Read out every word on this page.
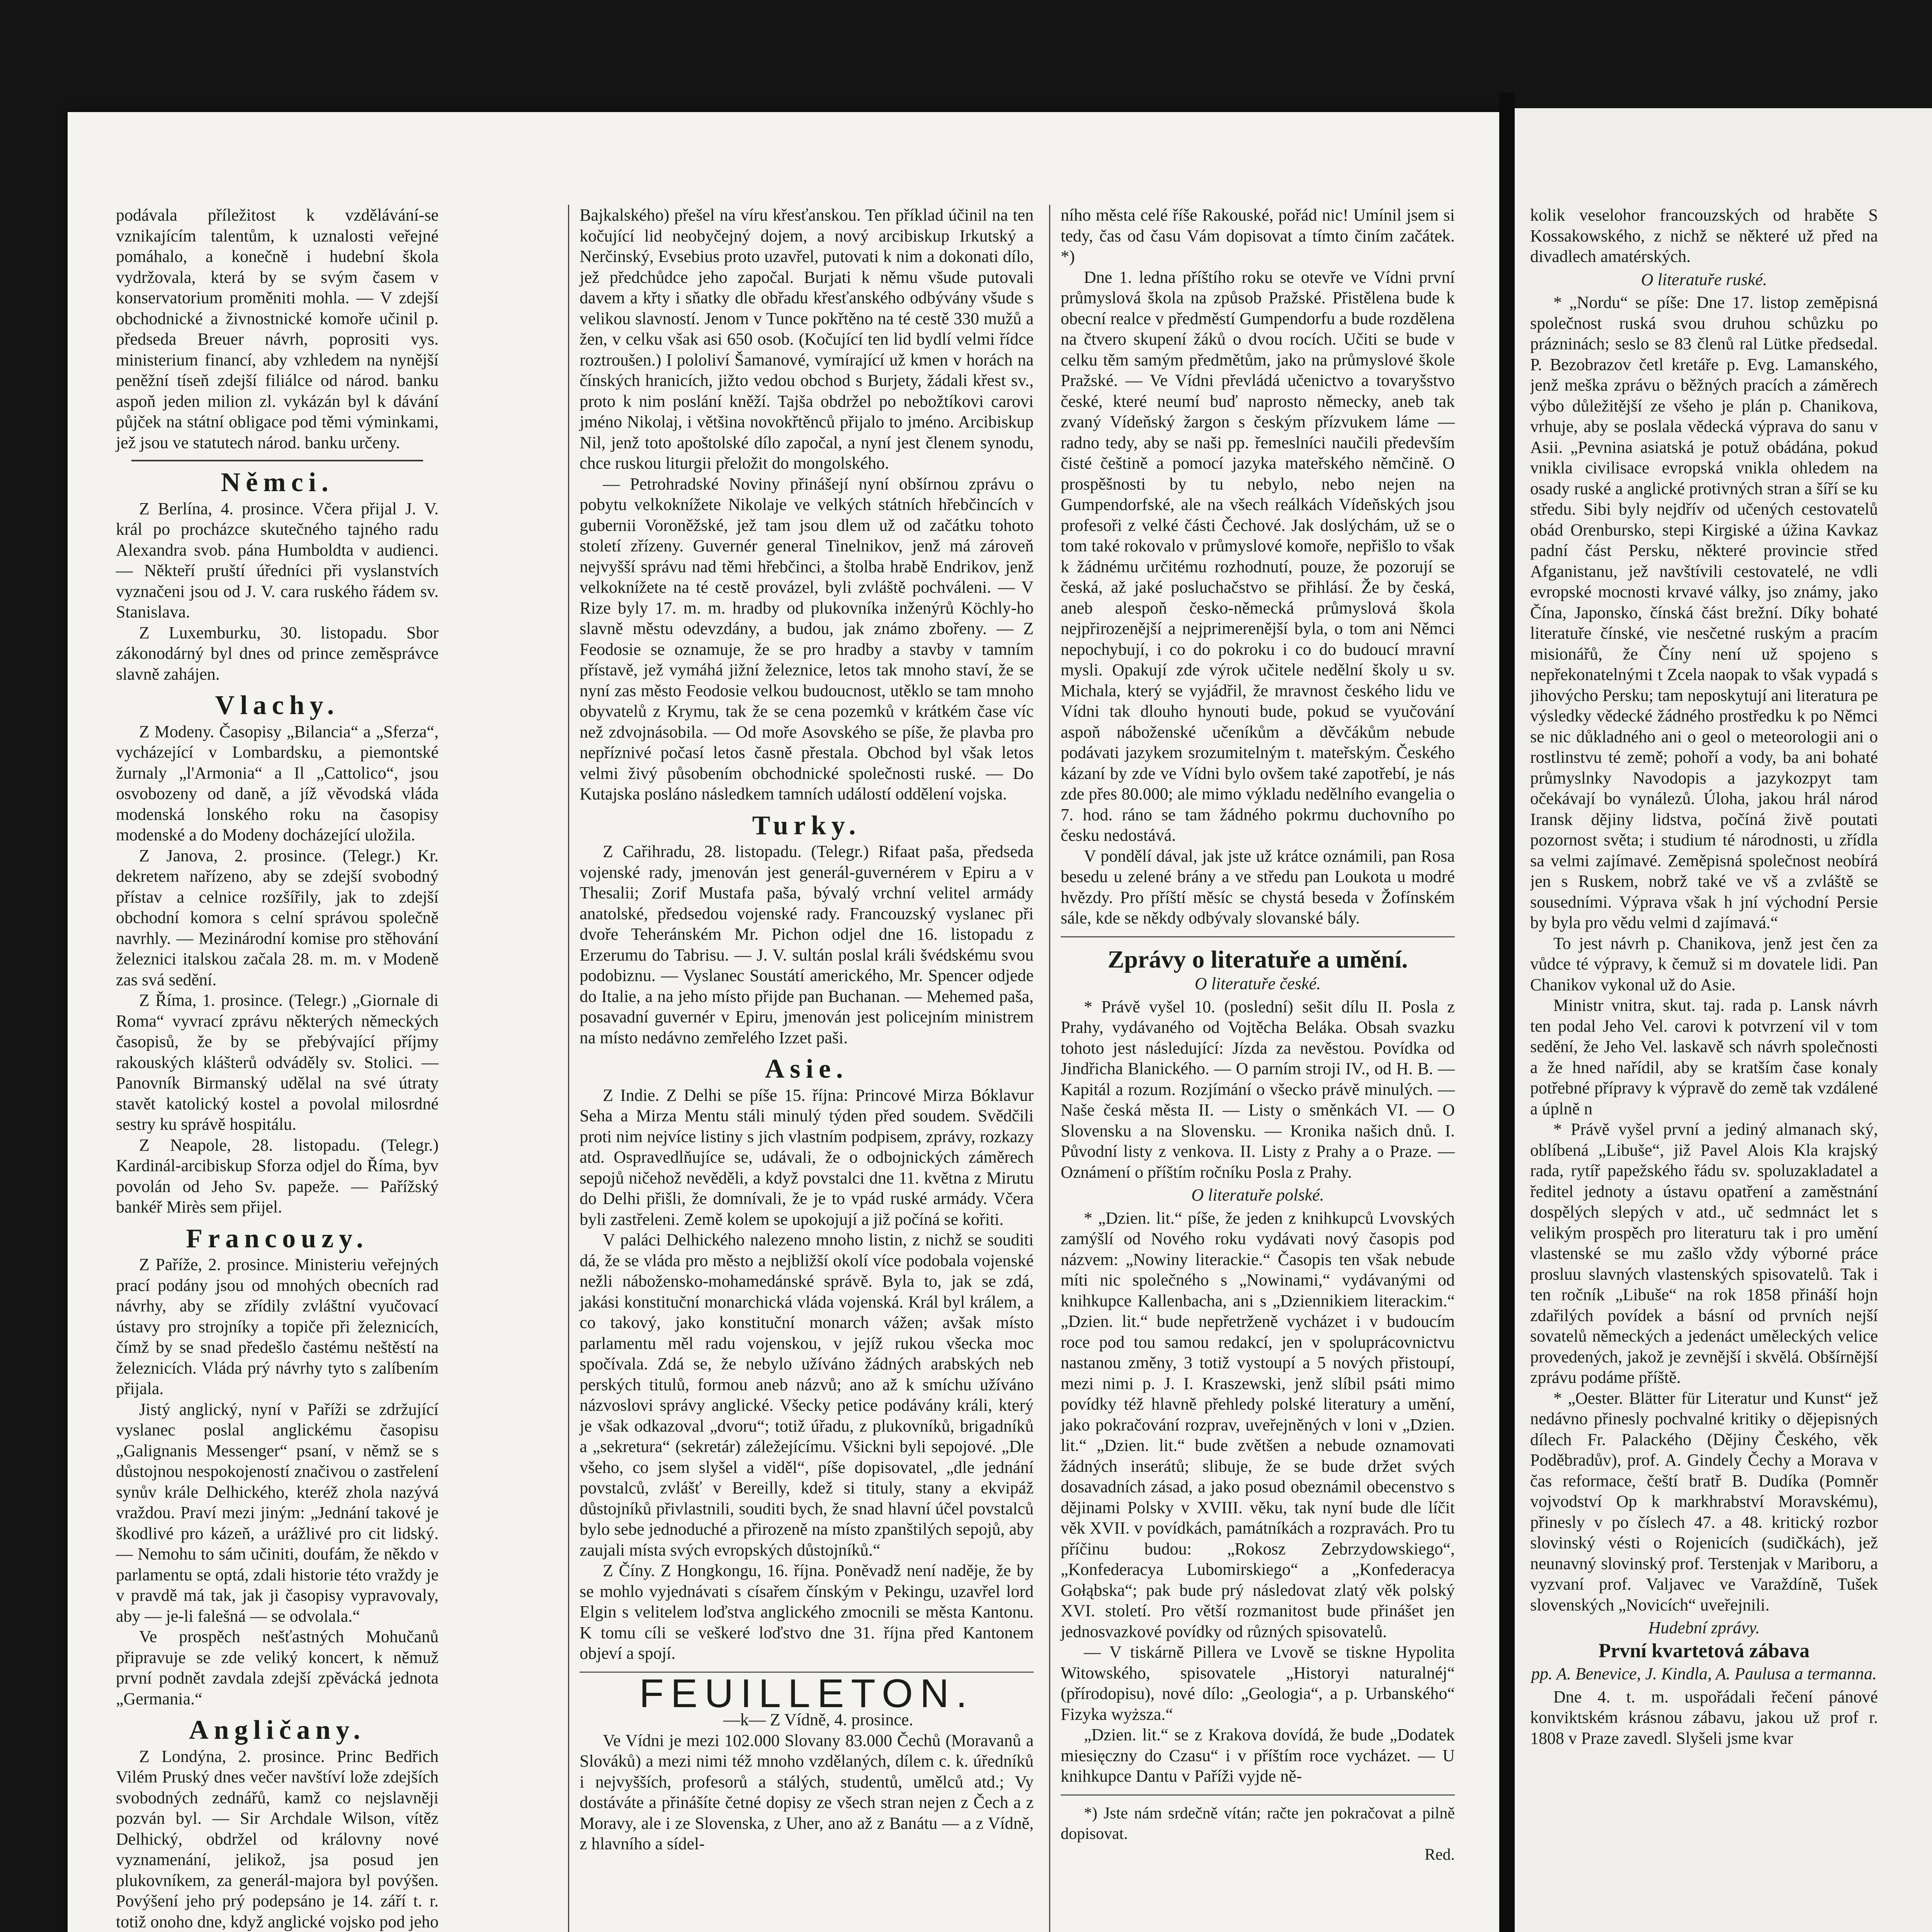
podávala příležitost k vzdělávání-se vznikajícím talentům, k uznalosti veřejné pomáhalo, a konečně i hudební škola vydržovala, která by se svým časem v konservatorium proměniti mohla. — V zdejší obchodnické a živnostnické komoře učinil p. předseda Breuer návrh, poprositi vys. ministerium financí, aby vzhledem na nynější peněžní tíseň zdejší filiálce od národ. banku aspoň jeden milion zl. vykázán byl k dávání půjček na státní obligace pod těmi výminkami, jež jsou ve statutech národ. banku určeny.

Němci.

Z Berlína, 4. prosince. Včera přijal J. V. král po procházce skutečného tajného radu Alexandra svob. pána Humboldta v audienci. — Někteří pruští úředníci při vyslanstvích vyznačeni jsou od J. V. cara ruského řádem sv. Stanislava.

Z Luxemburku, 30. listopadu. Sbor zákonodárný byl dnes od prince zeměsprávce slavně zahájen.

Vlachy.

Z Modeny. Časopisy „Bilancia“ a „Sferza“, vycházející v Lombardsku, a piemontské žurnaly „l'Armonia“ a Il „Cattolico“, jsou osvobozeny od daně, a jíž věvodská vláda modenská lonského roku na časopisy modenské a do Modeny docházející uložila.

Z Janova, 2. prosince. (Telegr.) Kr. dekretem nařízeno, aby se zdejší svobodný přístav a celnice rozšířily, jak to zdejší obchodní komora s celní správou společně navrhly. — Mezinárodní komise pro stěhování železnici italskou začala 28. m. m. v Modeně zas svá sedění.

Z Říma, 1. prosince. (Telegr.) „Giornale di Roma“ vyvrací zprávu některých německých časopisů, že by se přebývající příjmy rakouských klášterů odváděly sv. Stolici. — Panovník Birmanský udělal na své útraty stavět katolický kostel a povolal milosrdné sestry ku správě hospitálu.

Z Neapole, 28. listopadu. (Telegr.) Kardinál-arcibiskup Sforza odjel do Říma, byv povolán od Jeho Sv. papeže. — Pařížský bankéř Mirès sem přijel.

Francouzy.

Z Paříže, 2. prosince. Ministeriu veřejných prací podány jsou od mnohých obecních rad návrhy, aby se zřídily zvláštní vyučovací ústavy pro strojníky a topiče při železnicích, čímž by se snad předešlo častému neštěstí na železnicích. Vláda prý návrhy tyto s zalíbením přijala.

Jistý anglický, nyní v Paříži se zdržující vyslanec poslal anglickému časopisu „Galignanis Messenger“ psaní, v němž se s důstojnou nespokojeností značivou o zastřelení synův krále Delhického, kteréž zhola nazývá vraždou. Praví mezi jiným: „Jednání takové je škodlivé pro kázeň, a urážlivé pro cit lidský. — Nemohu to sám učiniti, doufám, že někdo v parlamentu se optá, zdali historie této vraždy je v pravdě má tak, jak ji časopisy vypravovaly, aby — je-li falešná — se odvolala.“

Ve prospěch nešťastných Mohučanů připravuje se zde veliký koncert, k němuž první podnět zavdala zdejší zpěvácká jednota „Germania.“

Angličany.

Z Londýna, 2. prosince. Princ Bedřich Vilém Pruský dnes večer navštíví lože zdejších svobodných zednářů, kamž co nejslavněji pozván byl. — Sir Archdale Wilson, vítěz Delhický, obdržel od královny nové vyznamenání, jelikož, jsa posud jen plukovníkem, za generál-majora byl povýšen. Povýšení jeho prý podepsáno je 14. září t. r. totiž onoho dne, když anglické vojsko pod jeho

Bajkalského) přešel na víru křesťanskou. Ten příklad účinil na ten kočující lid neobyčejný dojem, a nový arcibiskup Irkutský a Nerčinský, Evsebius proto uzavřel, putovati k nim a dokonati dílo, jež předchůdce jeho započal. Burjati k němu všude putovali davem a křty i sňatky dle obřadu křesťanského odbývány všude s velikou slavností. Jenom v Tunce pokřtěno na té cestě 330 mužů a žen, v celku však asi 650 osob. (Kočující ten lid bydlí velmi řídce roztroušen.) I pololiví Šamanové, vymírající už kmen v horách na čínských hranicích, jižto vedou obchod s Burjety, žádali křest sv., proto k nim poslání kněží. Tajša obdržel po nebožtíkovi carovi jméno Nikolaj, i většina novokřtěnců přijalo to jméno. Arcibiskup Nil, jenž toto apoštolské dílo započal, a nyní jest členem synodu, chce ruskou liturgii přeložit do mongolského.

— Petrohradské Noviny přinášejí nyní obšírnou zprávu o pobytu velkoknížete Nikolaje ve velkých státních hřebčincích v gubernii Voroněžské, jež tam jsou dlem už od začátku tohoto století zřízeny. Guvernér general Tinelnikov, jenž má zároveň nejvyšší správu nad těmi hřebčinci, a štolba hrabě Endrikov, jenž velkoknížete na té cestě provázel, byli zvláště pochváleni. — V Rize byly 17. m. m. hradby od plukovníka inženýrů Köchly-ho slavně městu odevzdány, a budou, jak známo zbořeny. — Z Feodosie se oznamuje, že se pro hradby a stavby v tamním přístavě, jež vymáhá jižní železnice, letos tak mnoho staví, že se nyní zas město Feodosie velkou budoucnost, utěklo se tam mnoho obyvatelů z Krymu, tak že se cena pozemků v krátkém čase víc než zdvojnásobila. — Od moře Asovského se píše, že plavba pro nepříznivé počasí letos časně přestala. Obchod byl však letos velmi živý působením obchodnické společnosti ruské. — Do Kutajska posláno následkem tamních událostí oddělení vojska.

Turky.

Z Cařihradu, 28. listopadu. (Telegr.) Rifaat paša, předseda vojenské rady, jmenován jest generál-guvernérem v Epiru a v Thesalii; Zorif Mustafa paša, bývalý vrchní velitel armády anatolské, předsedou vojenské rady. Francouzský vyslanec při dvoře Teheránském Mr. Pichon odjel dne 16. listopadu z Erzerumu do Tabrisu. — J. V. sultán poslal králi švédskému svou podobiznu. — Vyslanec Soustátí amerického, Mr. Spencer odjede do Italie, a na jeho místo přijde pan Buchanan. — Mehemed paša, posavadní guvernér v Epiru, jmenován jest policejním ministrem na místo nedávno zemřelého Izzet paši.

Asie.

Z Indie. Z Delhi se píše 15. října: Princové Mirza Bóklavur Seha a Mirza Mentu stáli minulý týden před soudem. Svědčili proti nim nejvíce listiny s jich vlastním podpisem, zprávy, rozkazy atd. Ospravedlňujíce se, udávali, že o odbojnických záměrech sepojů ničehož nevěděli, a když povstalci dne 11. května z Mirutu do Delhi přišli, že domnívali, že je to vpád ruské armády. Včera byli zastřeleni. Země kolem se upokojují a již počíná se kořiti.

V paláci Delhického nalezeno mnoho listin, z nichž se souditi dá, že se vláda pro město a nejbližší okolí více podobala vojenské nežli nábožensko-mohamedánské správě. Byla to, jak se zdá, jakási konstituční monarchická vláda vojenská. Král byl králem, a co takový, jako konstituční monarch vážen; avšak místo parlamentu měl radu vojenskou, v jejíž rukou všecka moc spočívala. Zdá se, že nebylo užíváno žádných arabských neb perských titulů, formou aneb názvů; ano až k smíchu užíváno názvoslovi správy anglické. Všecky petice podávány králi, který je však odkazoval „dvoru“; totiž úřadu, z plukovníků, brigadníků a „sekretura“ (sekretár) záležejícímu. Všickni byli sepojové. „Dle všeho, co jsem slyšel a viděl“, píše dopisovatel, „dle jednání povstalců, zvlášť v Bereilly, kdež si tituly, stany a ekvipáž důstojníků přivlastnili, souditi bych, že snad hlavní účel povstalců bylo sebe jednoduché a přirozeně na místo zpanštilých sepojů, aby zaujali místa svých evropských důstojníků.“

Z Číny. Z Hongkongu, 16. října. Poněvadž není naděje, že by se mohlo vyjednávati s císařem čínským v Pekingu, uzavřel lord Elgin s velitelem loďstva anglického zmocnili se města Kantonu. K tomu cíli se veškeré loďstvo dne 31. října před Kantonem objeví a spojí.

FEUILLETON.

—k— Z Vídně, 4. prosince.

Ve Vídni je mezi 102.000 Slovany 83.000 Čechů (Moravanů a Slováků) a mezi nimi též mnoho vzdělaných, dílem c. k. úředníků i nejvyšších, profesorů a stálých, studentů, umělců atd.; Vy dostáváte a přinášíte četné dopisy ze všech stran nejen z Čech a z Moravy, ale i ze Slovenska, z Uher, ano až z Banátu — a z Vídně, z hlavního a sídel-

ního města celé říše Rakouské, pořád nic! Umínil jsem si tedy, čas od času Vám dopisovat a tímto činím začátek. *)

Dne 1. ledna příštího roku se otevře ve Vídni první průmyslová škola na způsob Pražské. Přistělena bude k obecní realce v předměstí Gumpendorfu a bude rozdělena na čtvero skupení žáků o dvou rocích. Učiti se bude v celku těm samým předmětům, jako na průmyslové škole Pražské. — Ve Vídni převládá učenictvo a tovaryšstvo české, které neumí buď naprosto německy, aneb tak zvaný Vídeňský žargon s českým přízvukem láme — radno tedy, aby se naši pp. řemeslníci naučili především čisté češtině a pomocí jazyka mateřského němčině. O prospěšnosti by tu nebylo, nebo nejen na Gumpendorfské, ale na všech reálkách Vídeňských jsou profesoři z velké části Čechové. Jak doslýchám, už se o tom také rokovalo v průmyslové komoře, nepřišlo to však k žádnému určitému rozhodnutí, pouze, že pozorují se česká, až jaké posluchačstvo se přihlásí. Že by česká, aneb alespoň česko-německá průmyslová škola nejpřirozenější a nejprimerenější byla, o tom ani Němci nepochybují, i co do pokroku i co do budoucí mravní mysli. Opakují zde výrok učitele nedělní školy u sv. Michala, který se vyjádřil, že mravnost českého lidu ve Vídni tak dlouho hynouti bude, pokud se vyučování aspoň náboženské učeníkům a děvčákům nebude podávati jazykem srozumitelným t. mateřským. Českého kázaní by zde ve Vídni bylo ovšem také zapotřebí, je nás zde přes 80.000; ale mimo výkladu nedělního evangelia o 7. hod. ráno se tam žádného pokrmu duchovního po česku nedostává.

V pondělí dával, jak jste už krátce oznámili, pan Rosa besedu u zelené brány a ve středu pan Loukota u modré hvězdy. Pro příští měsíc se chystá beseda v Žofínském sále, kde se někdy odbývaly slovanské bály.

Zprávy o literatuře a umění.
O literatuře české.

* Právě vyšel 10. (poslední) sešit dílu II. Posla z Prahy, vydávaného od Vojtěcha Beláka. Obsah svazku tohoto jest následující: Jízda za nevěstou. Povídka od Jindřicha Blanického. — O parním stroji IV., od H. B. — Kapitál a rozum. Rozjímání o všecko právě minulých. — Naše česká města II. — Listy o směnkách VI. — O Slovensku a na Slovensku. — Kronika našich dnů. I. Původní listy z venkova. II. Listy z Prahy a o Praze. — Oznámení o příštím ročníku Posla z Prahy.

O literatuře polské.

* „Dzien. lit.“ píše, že jeden z knihkupců Lvovských zamýšlí od Nového roku vydávati nový časopis pod názvem: „Nowiny literackie.“ Časopis ten však nebude míti nic společného s „Nowinami,“ vydávanými od knihkupce Kallenbacha, ani s „Dziennikiem literackim.“ „Dzien. lit.“ bude nepřetrženě vycházet i v budoucím roce pod tou samou redakcí, jen v spoluprácovnictvu nastanou změny, 3 totiž vystoupí a 5 nových přistoupí, mezi nimi p. J. I. Kraszewski, jenž slíbil psáti mimo povídky též hlavně přehledy polské literatury a umění, jako pokračování rozprav, uveřejněných v loni v „Dzien. lit.“ „Dzien. lit.“ bude zvětšen a nebude oznamovati žádných inserátů; slibuje, že se bude držet svých dosavadních zásad, a jako posud obeznámil obecenstvo s dějinami Polsky v XVIII. věku, tak nyní bude dle líčit věk XVII. v povídkách, památníkách a rozpravách. Pro tu příčinu budou: „Rokosz Zebrzydowskiego“, „Konfederacya Lubomirskiego“ a „Konfederacya Gołąbska“; pak bude prý následovat zlatý věk polský XVI. století. Pro větší rozmanitost bude přinášet jen jednosvazkové povídky od různých spisovatelů.

— V tiskárně Pillera ve Lvově se tiskne Hypolita Witowského, spisovatele „Historyi naturalnéj“ (přírodopisu), nové dílo: „Geologia“, a p. Urbanského“ Fizyka wyższa.“

„Dzien. lit.“ se z Krakova dovídá, že bude „Dodatek miesięczny do Czasu“ i v příštím roce vycházet. — U knihkupce Dantu v Paříži vyjde ně-

*) Jste nám srdečně vítán; račte jen pokračovat a pilně dopisovat.

Red.

kolik veselohor francouzských od hraběte S Kossakowského, z nichž se některé už před na divadlech amatérských.

O literatuře ruské.

* „Nordu“ se píše: Dne 17. listop zeměpisná společnost ruská svou druhou schůzku po prázninách; seslo se 83 členů ral Lütke předsedal. P. Bezobrazov četl kretáře p. Evg. Lamanského, jenž meška zprávu o běžných pracích a záměrech výbo důležitější ze všeho je plán p. Chanikova, vrhuje, aby se poslala vědecká výprava do sanu v Asii. „Pevnina asiatská je potuž obádána, pokud vnikla civilisace evropská vnikla ohledem na osady ruské a anglické protivných stran a šíří se ku středu. Sibi byly nejdřív od učených cestovatelů obád Orenbursko, stepi Kirgiské a úžina Kavkaz padní část Persku, některé provincie střed Afganistanu, jež navštívili cestovatelé, ne vdli evropské mocnosti krvavé války, jso známy, jako Čína, Japonsko, čínská část brežní. Díky bohaté literatuře čínské, vie nesčetné ruským a pracím misionářů, že Číny není už spojeno s nepřekonatelnými t Zcela naopak to však vypadá s jihovýcho Persku; tam neposkytují ani literatura pe výsledky vědecké žádného prostředku k po Němci se nic důkladného ani o geol o meteorologii ani o rostlinstvu té země; pohoří a vody, ba ani bohaté průmyslnky Navodopis a jazykozpyt tam očekávají bo vynálezů. Úloha, jakou hrál národ Iransk dějiny lidstva, počíná živě poutati pozornost světa; i studium té národnosti, u zřídla sa velmi zajímavé. Zeměpisná společnost neobírá jen s Ruskem, nobrž také ve vš a zvláště se sousedními. Výprava však h jní východní Persie by byla pro vědu velmi d zajímavá.“

To jest návrh p. Chanikova, jenž jest čen za vůdce té výpravy, k čemuž si m dovatele lidi. Pan Chanikov vykonal už do Asie.

Ministr vnitra, skut. taj. rada p. Lansk návrh ten podal Jeho Vel. carovi k potvrzení vil v tom sedění, že Jeho Vel. laskavě sch návrh společnosti a že hned nařídil, aby se kratším čase konaly potřebné přípravy k výpravě do země tak vzdálené a úplně n

* Právě vyšel první a jediný almanach ský, oblíbená „Libuše“, již Pavel Alois Kla krajský rada, rytíř papežského řádu sv. spoluzakladatel a ředitel jednoty a ústavu opatření a zaměstnání dospělých slepých v atd., uč sedmnáct let s velikým prospěch pro literaturu tak i pro umění vlastenské se mu zašlo vždy výborné práce prosluu slavných vlastenských spisovatelů. Tak i ten ročník „Libuše“ na rok 1858 přináší hojn zdařilých povídek a básní od prvních nejší sovatelů německých a jedenáct uměleckých velice provedených, jakož je zevnější i skvělá. Obšírnější zprávu podáme příště.

* „Oester. Blätter für Literatur und Kunst“ jež nedávno přinesly pochvalné kritiky o dějepisných dílech Fr. Palackého (Dějiny Českého, věk Poděbradův), prof. A. Gindely Čechy a Morava v čas reformace, čeští bratř B. Dudíka (Pomněr vojvodství Op k markhrabství Moravskému), přinesly v po číslech 47. a 48. kritický rozbor slovinský vésti o Rojenicích (sudičkách), jež neunavný slovinský prof. Terstenjak v Mariboru, a vyzvaní prof. Valjavec ve Varaždíně, Tušek slovenských „Novicích“ uveřejnili.

Hudební zprávy.
První kvartetová zábava
pp. A. Benevice, J. Kindla, A. Paulusa a termanna.

Dne 4. t. m. uspořádali řečení pánové konviktském krásnou zábavu, jakou už prof r. 1808 v Praze zavedl. Slyšeli jsme kvar
